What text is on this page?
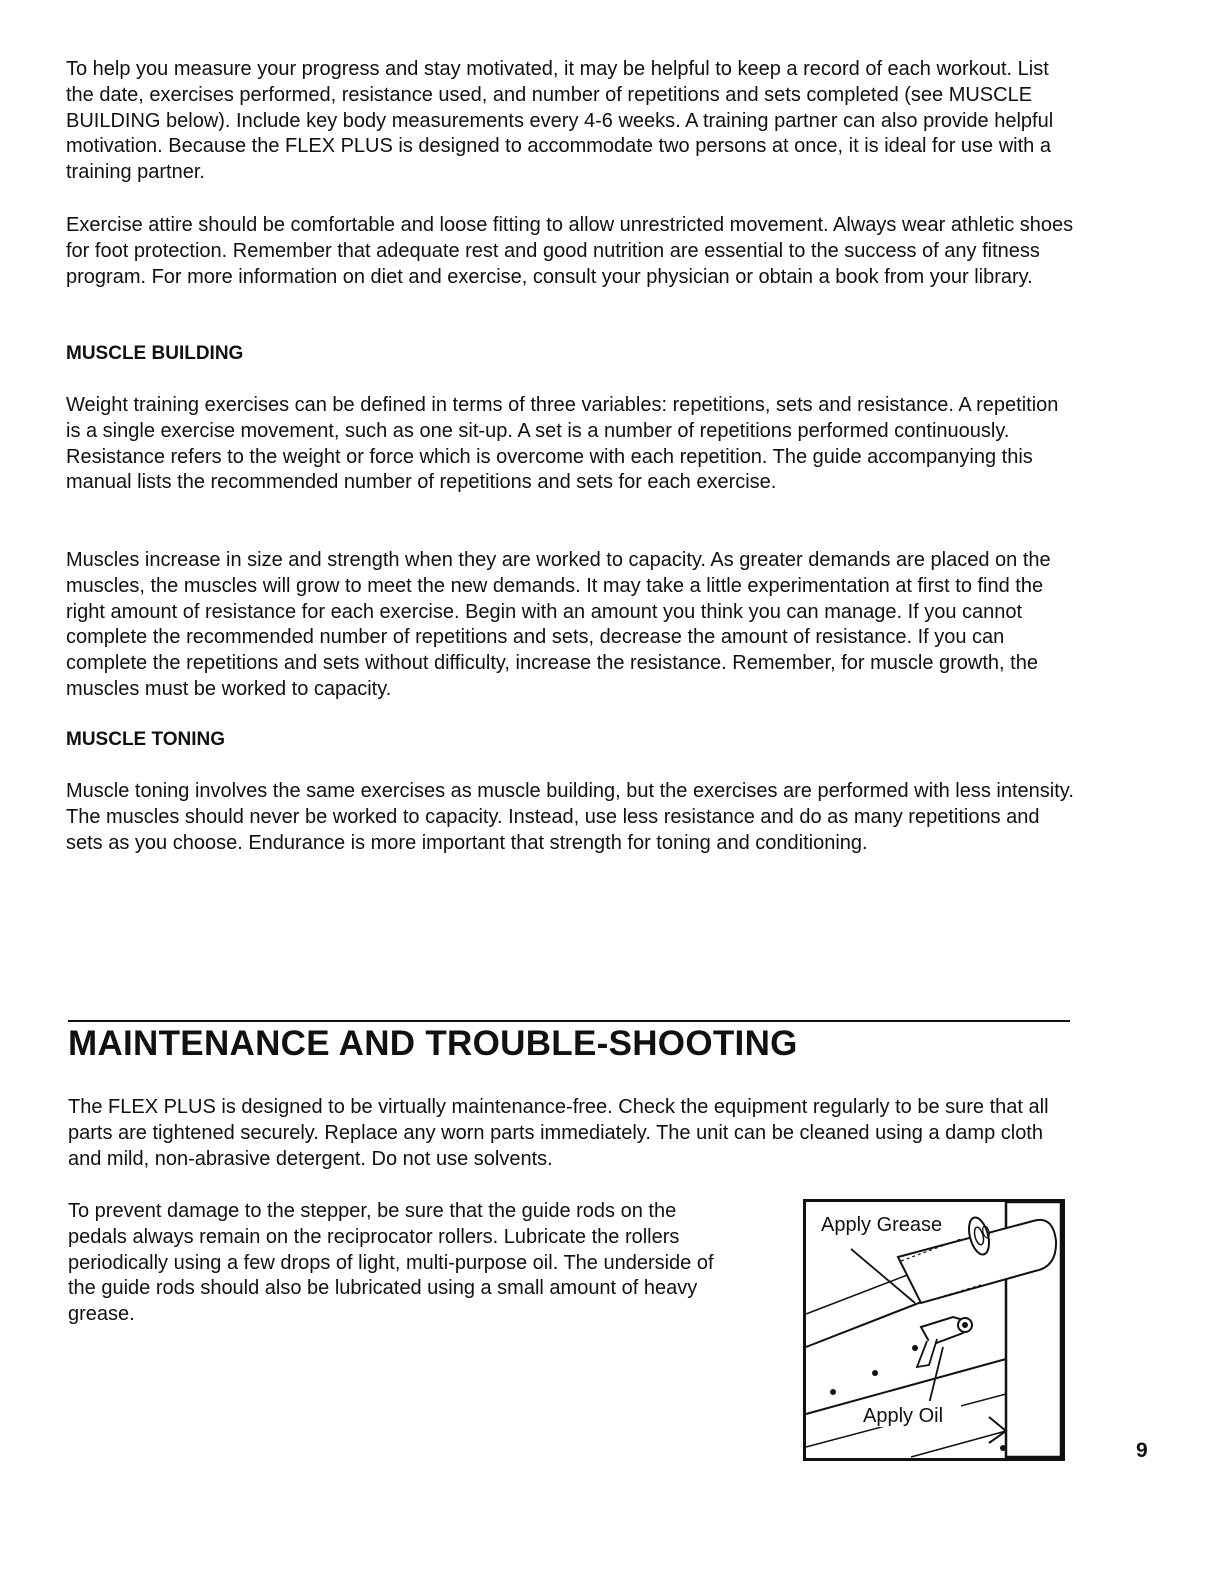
To help you measure your progress and stay motivated, it may be helpful to keep a record of each workout. List the date, exercises performed, resistance used, and number of repetitions and sets completed (see MUSCLE BUILDING below). Include key body measurements every 4-6 weeks. A training partner can also provide helpful motivation. Because the FLEX PLUS is designed to accommodate two persons at once, it is ideal for use with a training partner.

Exercise attire should be comfortable and loose fitting to allow unrestricted movement. Always wear athletic shoes for foot protection. Remember that adequate rest and good nutrition are essential to the success of any fitness program. For more information on diet and exercise, consult your physician or obtain a book from your library.

MUSCLE BUILDING

Weight training exercises can be defined in terms of three variables: repetitions, sets and resistance. A repetition is a single exercise movement, such as one sit-up. A set is a number of repetitions performed continuously. Resistance refers to the weight or force which is overcome with each repetition. The guide accompanying this manual lists the recommended number of repetitions and sets for each exercise.

Muscles increase in size and strength when they are worked to capacity. As greater demands are placed on the muscles, the muscles will grow to meet the new demands. It may take a little experimentation at first to find the right amount of resistance for each exercise. Begin with an amount you think you can manage. If you cannot complete the recommended number of repetitions and sets, decrease the amount of resistance. If you can complete the repetitions and sets without difficulty, increase the resistance. Remember, for muscle growth, the muscles must be worked to capacity.

MUSCLE TONING

Muscle toning involves the same exercises as muscle building, but the exercises are performed with less intensity. The muscles should never be worked to capacity. Instead, use less resistance and do as many repetitions and sets as you choose. Endurance is more important that strength for toning and conditioning.

MAINTENANCE AND TROUBLE-SHOOTING

The FLEX PLUS is designed to be virtually maintenance-free. Check the equipment regularly to be sure that all parts are tightened securely. Replace any worn parts immediately. The unit can be cleaned using a damp cloth and mild, non-abrasive detergent. Do not use solvents.

To prevent damage to the stepper, be sure that the guide rods on the pedals always remain on the reciprocator rollers. Lubricate the rollers periodically using a few drops of light, multi-purpose oil. The underside of the guide rods should also be lubricated using a small amount of heavy grease.

Apply Grease
Apply Oil
9
